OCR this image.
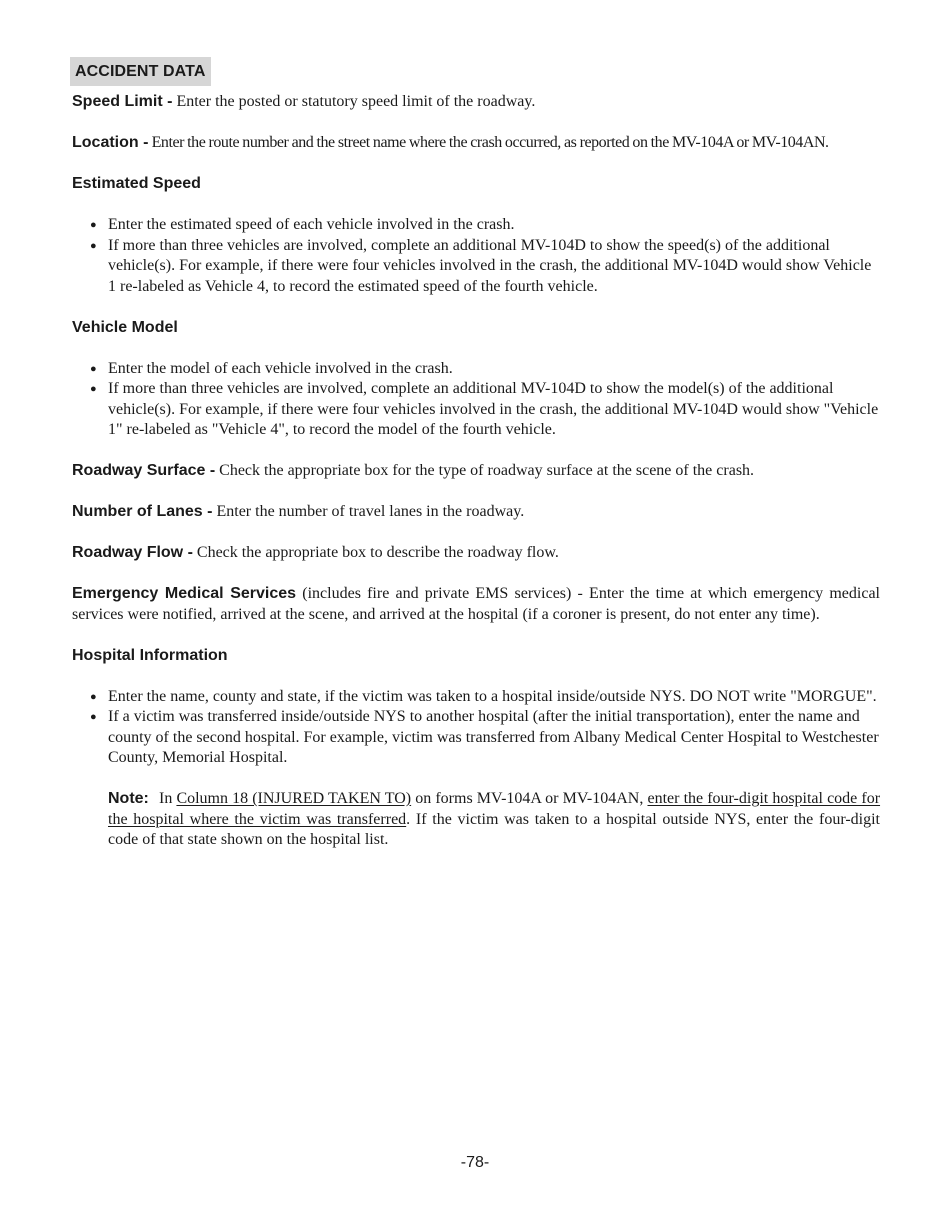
ACCIDENT DATA

Speed Limit - Enter the posted or statutory speed limit of the roadway.

Location - Enter the route number and the street name where the crash occurred, as reported on the MV-104A or MV-104AN.

Estimated Speed
● Enter the estimated speed of each vehicle involved in the crash.
● If more than three vehicles are involved, complete an additional MV-104D to show the speed(s) of the additional vehicle(s). For example, if there were four vehicles involved in the crash, the additional MV-104D would show Vehicle 1 re-labeled as Vehicle 4, to record the estimated speed of the fourth vehicle.
Vehicle Model
● Enter the model of each vehicle involved in the crash.
● If more than three vehicles are involved, complete an additional MV-104D to show the model(s) of the additional vehicle(s). For example, if there were four vehicles involved in the crash, the additional MV-104D would show "Vehicle 1" re-labeled as "Vehicle 4", to record the model of the fourth vehicle.

Roadway Surface - Check the appropriate box for the type of roadway surface at the scene of the crash.

Number of Lanes - Enter the number of travel lanes in the roadway.

Roadway Flow - Check the appropriate box to describe the roadway flow.

Emergency Medical Services (includes fire and private EMS services) - Enter the time at which emergency medical services were notified, arrived at the scene, and arrived at the hospital (if a coroner is present, do not enter any time).

Hospital Information
● Enter the name, county and state, if the victim was taken to a hospital inside/outside NYS. DO NOT write "MORGUE".
● If a victim was transferred inside/outside NYS to another hospital (after the initial transportation), enter the name and county of the second hospital. For example, victim was transferred from Albany Medical Center Hospital to Westchester County, Memorial Hospital.

Note: In Column 18 (INJURED TAKEN TO) on forms MV-104A or MV-104AN, enter the four-digit hospital code for the hospital where the victim was transferred. If the victim was taken to a hospital outside NYS, enter the four-digit code of that state shown on the hospital list.

-78-
